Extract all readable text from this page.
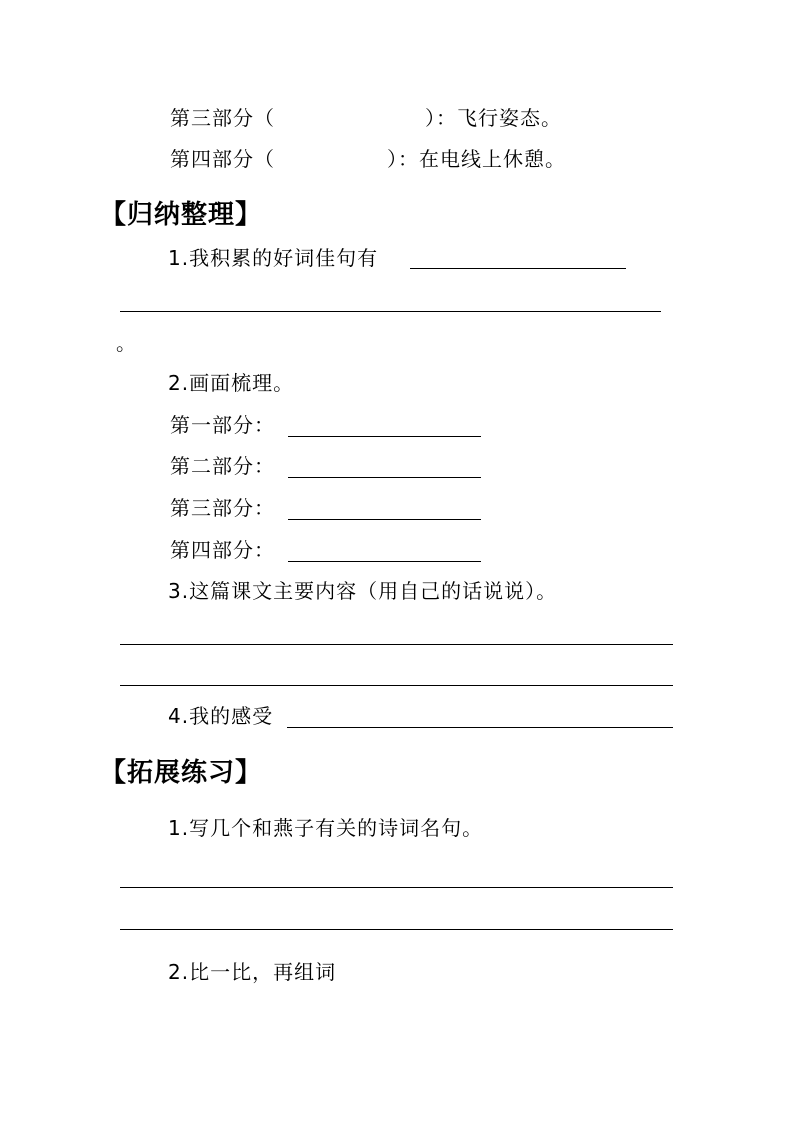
第三部分（	）：飞行姿态。
第四部分（	）：在电线上休憩。
【归纳整理】
1.我积累的好词佳句有
。
2.画面梳理。
第一部分：
第二部分：
第三部分：
第四部分：
3.这篇课文主要内容（用自己的话说说）。
4.我的感受
【拓展练习】
1.写几个和燕子有关的诗词名句。
2.比一比，再组词
